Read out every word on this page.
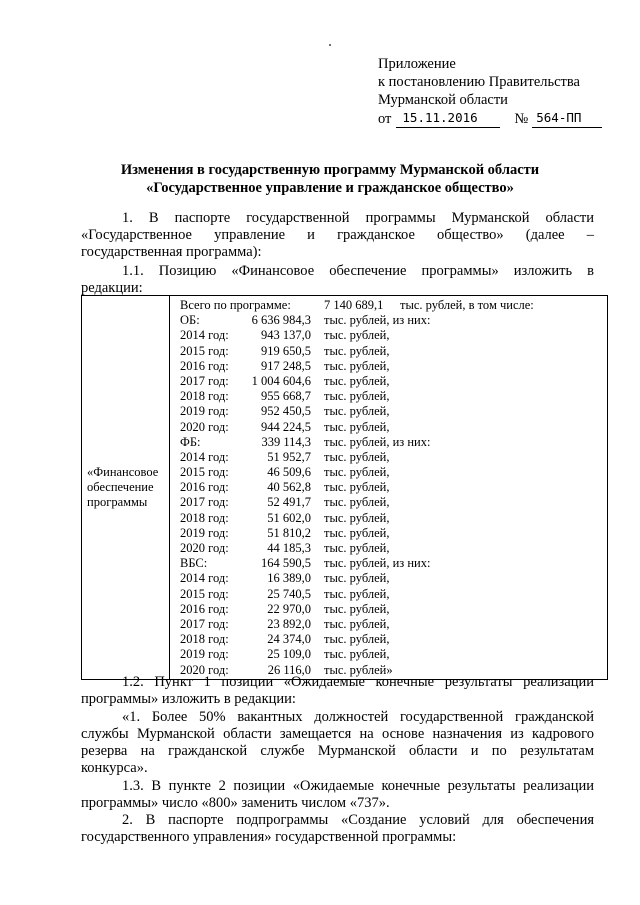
Приложение
к постановлению Правительства
Мурманской области
от 15.11.2016	№ 564-ПП
Изменения в государственную программу Мурманской области
«Государственное управление и гражданское общество»
1. В паспорте государственной программы Мурманской области
«Государственное управление и гражданское общество» (далее –
государственная программа):
1.1. Позицию «Финансовое обеспечение программы» изложить в
редакции:
«Финансовое обеспечение программы	
Всего по программе:	7 140 689,1	тыс. рублей, в том числе:
ОБ:	6 636 984,3	тыс. рублей, из них:
2014 год:	943 137,0	тыс. рублей,
2015 год:	919 650,5	тыс. рублей,
2016 год:	917 248,5	тыс. рублей,
2017 год:	1 004 604,6	тыс. рублей,
2018 год:	955 668,7	тыс. рублей,
2019 год:	952 450,5	тыс. рублей,
2020 год:	944 224,5	тыс. рублей,
ФБ:	339 114,3	тыс. рублей, из них:
2014 год:	51 952,7	тыс. рублей,
2015 год:	46 509,6	тыс. рублей,
2016 год:	40 562,8	тыс. рублей,
2017 год:	52 491,7	тыс. рублей,
2018 год:	51 602,0	тыс. рублей,
2019 год:	51 810,2	тыс. рублей,
2020 год:	44 185,3	тыс. рублей,
ВБС:	164 590,5	тыс. рублей, из них:
2014 год:	16 389,0	тыс. рублей,
2015 год:	25 740,5	тыс. рублей,
2016 год:	22 970,0	тыс. рублей,
2017 год:	23 892,0	тыс. рублей,
2018 год:	24 374,0	тыс. рублей,
2019 год:	25 109,0	тыс. рублей,
2020 год:	26 116,0	тыс. рублей»
1.2. Пункт 1 позиции «Ожидаемые конечные результаты реализации
программы» изложить в редакции:
«1. Более 50% вакантных должностей государственной гражданской
службы Мурманской области замещается на основе назначения из кадрового
резерва на гражданской службе Мурманской области и по результатам
конкурса».
1.3. В пункте 2 позиции «Ожидаемые конечные результаты реализации
программы» число «800» заменить числом «737».
2. В паспорте подпрограммы «Создание условий для обеспечения
государственного управления» государственной программы:
